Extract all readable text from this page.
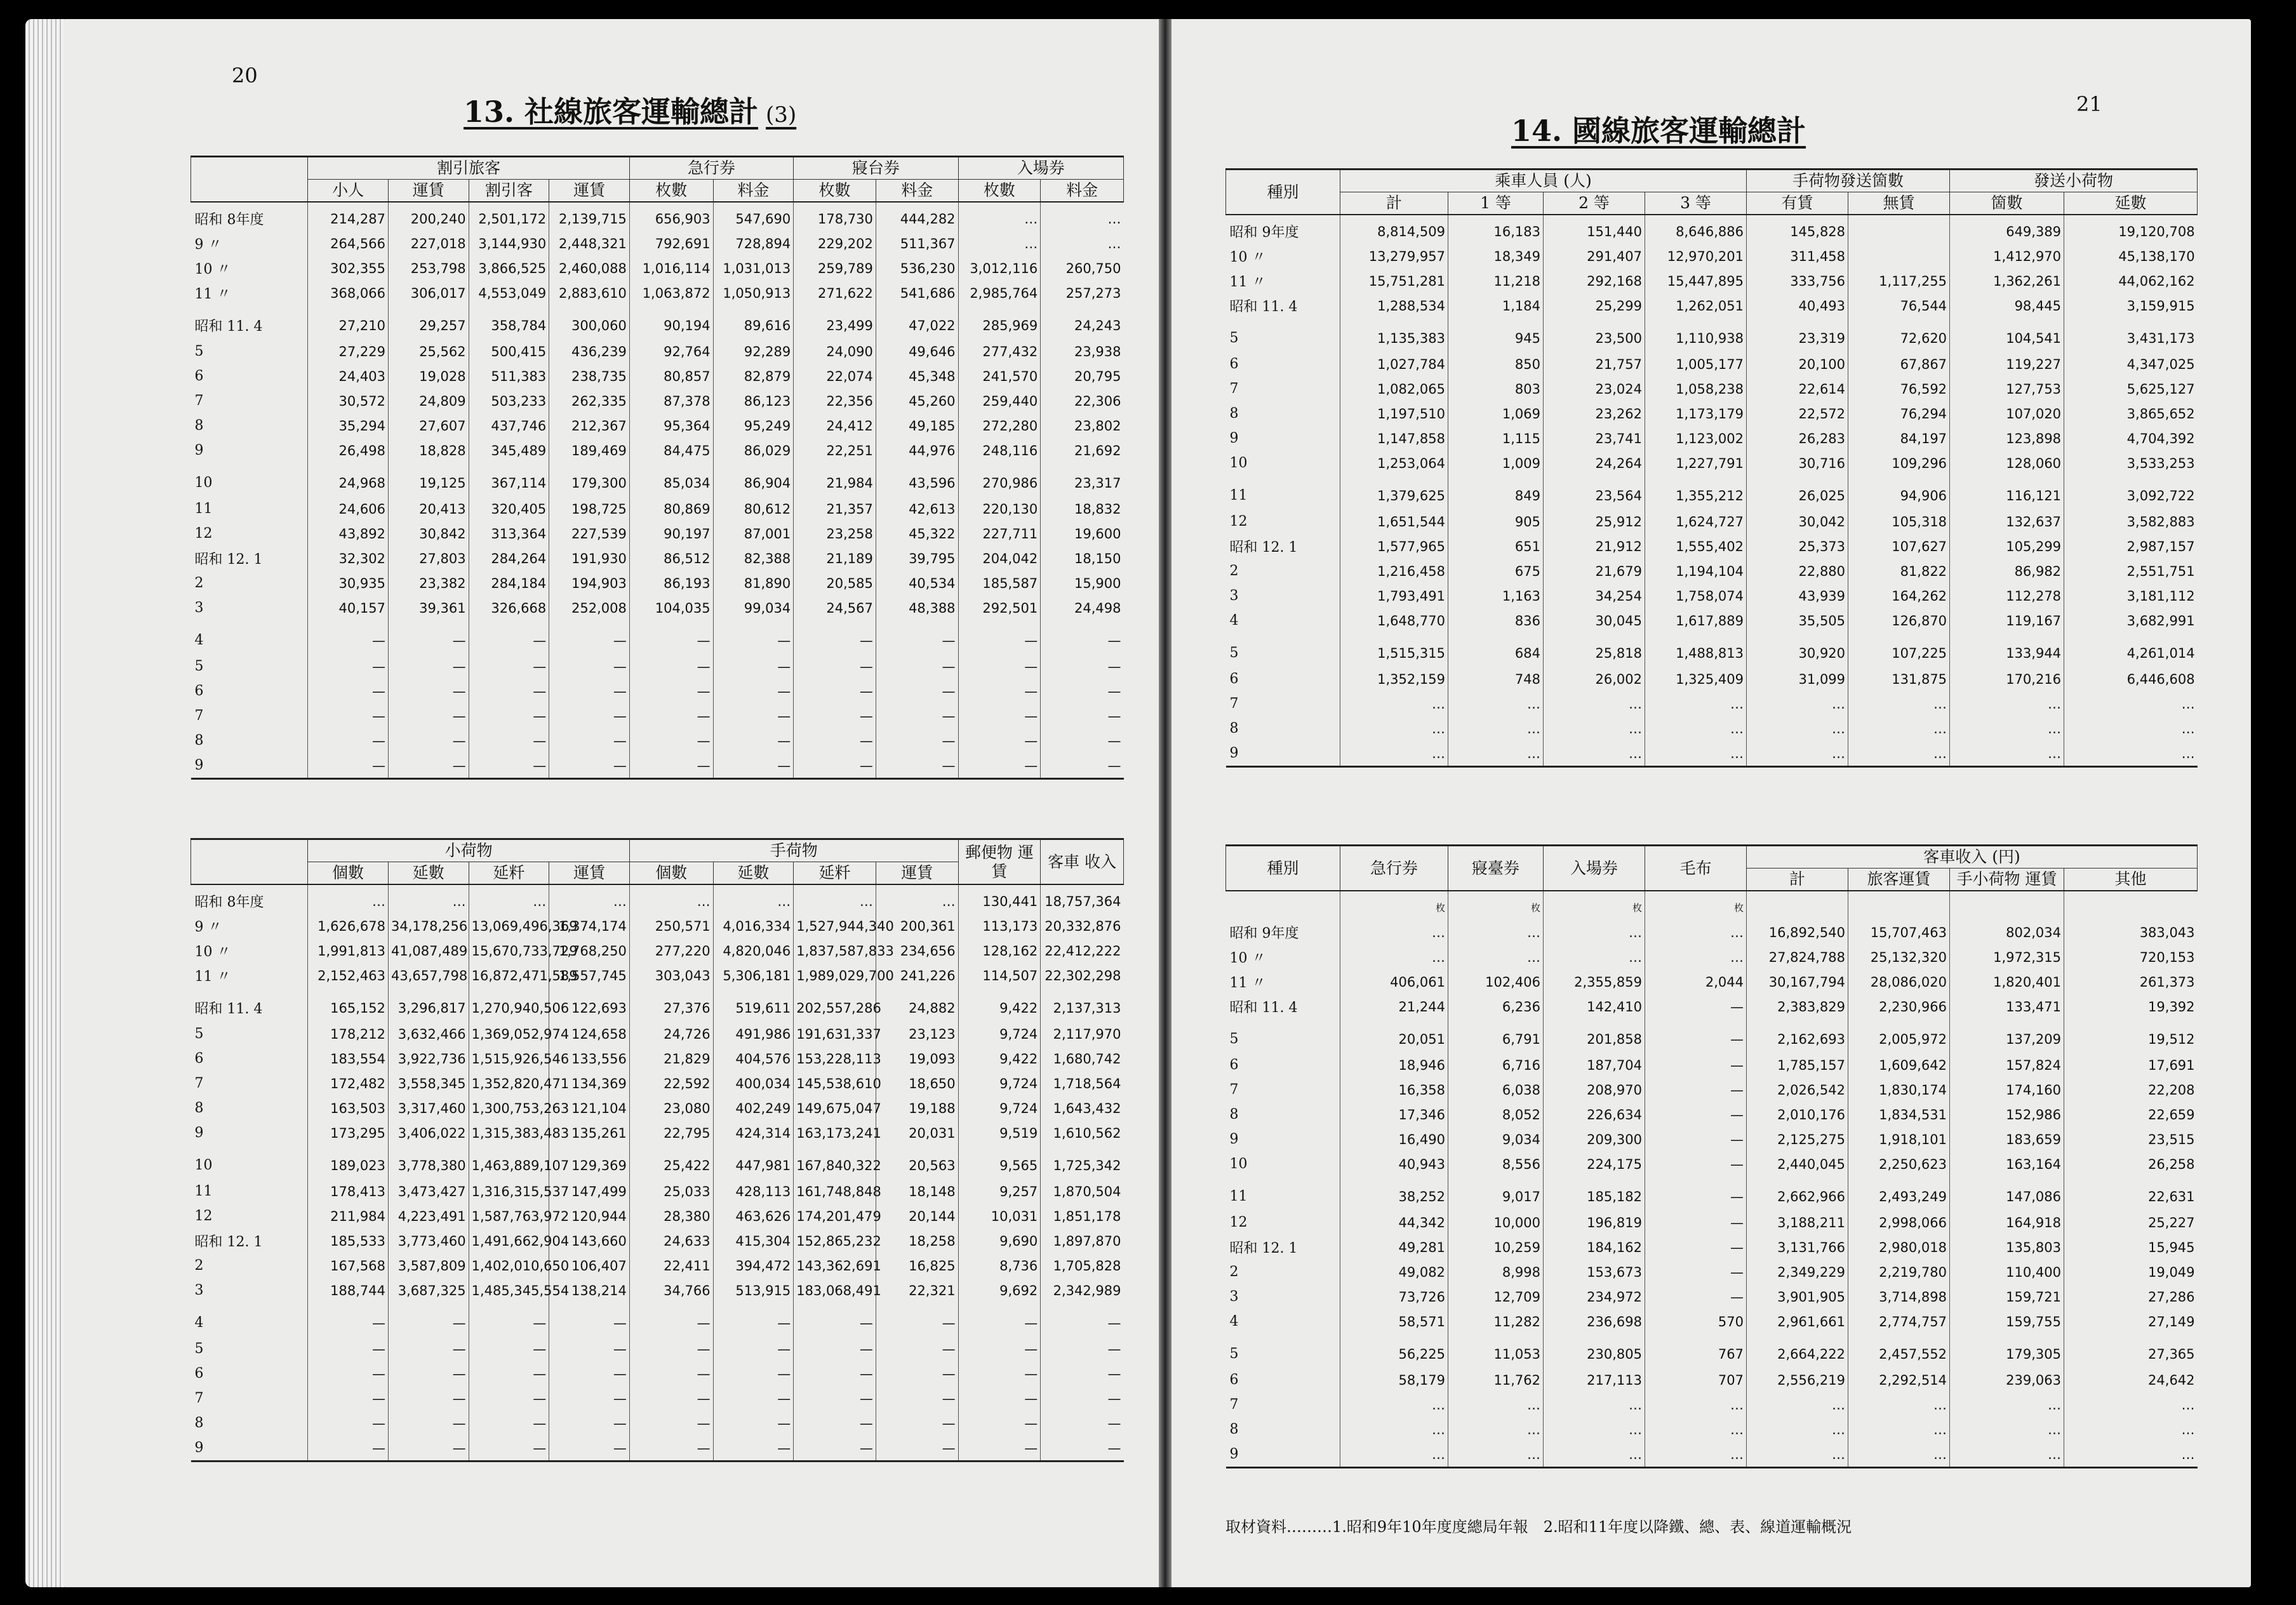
20
13. 社線旅客運輸總計 (3)
	割引旅客				急行券		寢台券		入場券	
	小人	運賃	割引客	運賃	枚數	料金	枚數	料金	枚數	料金
昭和 8年度	214,287	200,240	2,501,172	2,139,715	656,903	547,690	178,730	444,282	…	…
9 〃	264,566	227,018	3,144,930	2,448,321	792,691	728,894	229,202	511,367	…	…
10 〃	302,355	253,798	3,866,525	2,460,088	1,016,114	1,031,013	259,789	536,230	3,012,116	260,750
11 〃	368,066	306,017	4,553,049	2,883,610	1,063,872	1,050,913	271,622	541,686	2,985,764	257,273
昭和 11. 4	27,210	29,257	358,784	300,060	90,194	89,616	23,499	47,022	285,969	24,243
5	27,229	25,562	500,415	436,239	92,764	92,289	24,090	49,646	277,432	23,938
6	24,403	19,028	511,383	238,735	80,857	82,879	22,074	45,348	241,570	20,795
7	30,572	24,809	503,233	262,335	87,378	86,123	22,356	45,260	259,440	22,306
8	35,294	27,607	437,746	212,367	95,364	95,249	24,412	49,185	272,280	23,802
9	26,498	18,828	345,489	189,469	84,475	86,029	22,251	44,976	248,116	21,692
10	24,968	19,125	367,114	179,300	85,034	86,904	21,984	43,596	270,986	23,317
11	24,606	20,413	320,405	198,725	80,869	80,612	21,357	42,613	220,130	18,832
12	43,892	30,842	313,364	227,539	90,197	87,001	23,258	45,322	227,711	19,600
昭和 12. 1	32,302	27,803	284,264	191,930	86,512	82,388	21,189	39,795	204,042	18,150
2	30,935	23,382	284,184	194,903	86,193	81,890	20,585	40,534	185,587	15,900
3	40,157	39,361	326,668	252,008	104,035	99,034	24,567	48,388	292,501	24,498
4	—	—	—	—	—	—	—	—	—	—
5	—	—	—	—	—	—	—	—	—	—
6	—	—	—	—	—	—	—	—	—	—
7	—	—	—	—	—	—	—	—	—	—
8	—	—	—	—	—	—	—	—	—	—
9	—	—	—	—	—	—	—	—	—	—
	小荷物				手荷物				郵便物 運賃	客車 收入
	個數	延數	延粁	運賃	個數	延數	延粁	運賃		
昭和 8年度	…	…	…	…	…	…	…	…	130,441	18,757,364
9 〃	1,626,678	34,178,256	13,069,496,369	1,374,174	250,571	4,016,334	1,527,944,340	200,361	113,173	20,332,876
10 〃	1,991,813	41,087,489	15,670,733,729	1,768,250	277,220	4,820,046	1,837,587,833	234,656	128,162	22,412,222
11 〃	2,152,463	43,657,798	16,872,471,589	1,557,745	303,043	5,306,181	1,989,029,700	241,226	114,507	22,302,298
昭和 11. 4	165,152	3,296,817	1,270,940,506	122,693	27,376	519,611	202,557,286	24,882	9,422	2,137,313
5	178,212	3,632,466	1,369,052,974	124,658	24,726	491,986	191,631,337	23,123	9,724	2,117,970
6	183,554	3,922,736	1,515,926,546	133,556	21,829	404,576	153,228,113	19,093	9,422	1,680,742
7	172,482	3,558,345	1,352,820,471	134,369	22,592	400,034	145,538,610	18,650	9,724	1,718,564
8	163,503	3,317,460	1,300,753,263	121,104	23,080	402,249	149,675,047	19,188	9,724	1,643,432
9	173,295	3,406,022	1,315,383,483	135,261	22,795	424,314	163,173,241	20,031	9,519	1,610,562
10	189,023	3,778,380	1,463,889,107	129,369	25,422	447,981	167,840,322	20,563	9,565	1,725,342
11	178,413	3,473,427	1,316,315,537	147,499	25,033	428,113	161,748,848	18,148	9,257	1,870,504
12	211,984	4,223,491	1,587,763,972	120,944	28,380	463,626	174,201,479	20,144	10,031	1,851,178
昭和 12. 1	185,533	3,773,460	1,491,662,904	143,660	24,633	415,304	152,865,232	18,258	9,690	1,897,870
2	167,568	3,587,809	1,402,010,650	106,407	22,411	394,472	143,362,691	16,825	8,736	1,705,828
3	188,744	3,687,325	1,485,345,554	138,214	34,766	513,915	183,068,491	22,321	9,692	2,342,989
4	—	—	—	—	—	—	—	—	—	—
5	—	—	—	—	—	—	—	—	—	—
6	—	—	—	—	—	—	—	—	—	—
7	—	—	—	—	—	—	—	—	—	—
8	—	—	—	—	—	—	—	—	—	—
9	—	—	—	—	—	—	—	—	—	—
14. 國線旅客運輸總計
21
種別	乘車人員 (人)				手荷物發送箇數		發送小荷物	
	計	1 等	2 等	3 等	有賃	無賃	箇數	延數
昭和 9年度	8,814,509	16,183	151,440	8,646,886	145,828		649,389	19,120,708
10 〃	13,279,957	18,349	291,407	12,970,201	311,458		1,412,970	45,138,170
11 〃	15,751,281	11,218	292,168	15,447,895	333,756	1,117,255	1,362,261	44,062,162
昭和 11. 4	1,288,534	1,184	25,299	1,262,051	40,493	76,544	98,445	3,159,915
5	1,135,383	945	23,500	1,110,938	23,319	72,620	104,541	3,431,173
6	1,027,784	850	21,757	1,005,177	20,100	67,867	119,227	4,347,025
7	1,082,065	803	23,024	1,058,238	22,614	76,592	127,753	5,625,127
8	1,197,510	1,069	23,262	1,173,179	22,572	76,294	107,020	3,865,652
9	1,147,858	1,115	23,741	1,123,002	26,283	84,197	123,898	4,704,392
10	1,253,064	1,009	24,264	1,227,791	30,716	109,296	128,060	3,533,253
11	1,379,625	849	23,564	1,355,212	26,025	94,906	116,121	3,092,722
12	1,651,544	905	25,912	1,624,727	30,042	105,318	132,637	3,582,883
昭和 12. 1	1,577,965	651	21,912	1,555,402	25,373	107,627	105,299	2,987,157
2	1,216,458	675	21,679	1,194,104	22,880	81,822	86,982	2,551,751
3	1,793,491	1,163	34,254	1,758,074	43,939	164,262	112,278	3,181,112
4	1,648,770	836	30,045	1,617,889	35,505	126,870	119,167	3,682,991
5	1,515,315	684	25,818	1,488,813	30,920	107,225	133,944	4,261,014
6	1,352,159	748	26,002	1,325,409	31,099	131,875	170,216	6,446,608
7	…	…	…	…	…	…	…	…
8	…	…	…	…	…	…	…	…
9	…	…	…	…	…	…	…	…
種別	急行券	寢臺券	入場券	毛布	客車收入 (円)			
					計	旅客運賃	手小荷物 運賃	其他
	枚	枚	枚	枚				
昭和 9年度	…	…	…	…	16,892,540	15,707,463	802,034	383,043
10 〃	…	…	…	…	27,824,788	25,132,320	1,972,315	720,153
11 〃	406,061	102,406	2,355,859	2,044	30,167,794	28,086,020	1,820,401	261,373
昭和 11. 4	21,244	6,236	142,410	—	2,383,829	2,230,966	133,471	19,392
5	20,051	6,791	201,858	—	2,162,693	2,005,972	137,209	19,512
6	18,946	6,716	187,704	—	1,785,157	1,609,642	157,824	17,691
7	16,358	6,038	208,970	—	2,026,542	1,830,174	174,160	22,208
8	17,346	8,052	226,634	—	2,010,176	1,834,531	152,986	22,659
9	16,490	9,034	209,300	—	2,125,275	1,918,101	183,659	23,515
10	40,943	8,556	224,175	—	2,440,045	2,250,623	163,164	26,258
11	38,252	9,017	185,182	—	2,662,966	2,493,249	147,086	22,631
12	44,342	10,000	196,819	—	3,188,211	2,998,066	164,918	25,227
昭和 12. 1	49,281	10,259	184,162	—	3,131,766	2,980,018	135,803	15,945
2	49,082	8,998	153,673	—	2,349,229	2,219,780	110,400	19,049
3	73,726	12,709	234,972	—	3,901,905	3,714,898	159,721	27,286
4	58,571	11,282	236,698	570	2,961,661	2,774,757	159,755	27,149
5	56,225	11,053	230,805	767	2,664,222	2,457,552	179,305	27,365
6	58,179	11,762	217,113	707	2,556,219	2,292,514	239,063	24,642
7	…	…	…	…	…	…	…	…
8	…	…	…	…	…	…	…	…
9	…	…	…	…	…	…	…	…
取材資料………1.昭和9年10年度度總局年報　2.昭和11年度以降鐵、總、表、線道運輸概況
